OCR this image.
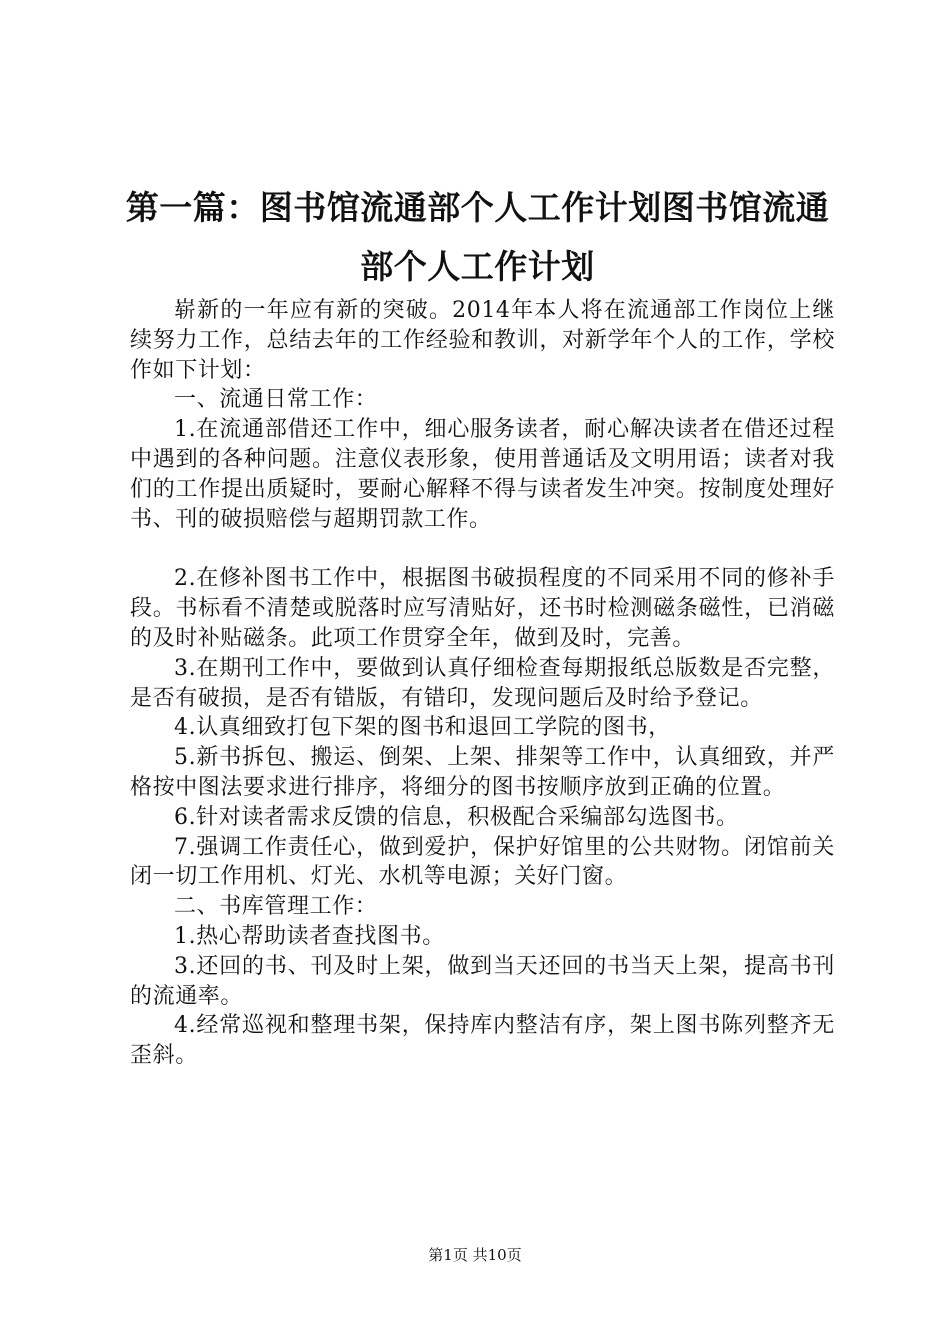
第一篇：图书馆流通部个人工作计划图书馆流通部个人工作计划

崭新的一年应有新的突破。2014年本人将在流通部工作岗位上继续努力工作，总结去年的工作经验和教训，对新学年个人的工作，学校作如下计划：

一、流通日常工作：

1.在流通部借还工作中，细心服务读者，耐心解决读者在借还过程中遇到的各种问题。注意仪表形象，使用普通话及文明用语；读者对我们的工作提出质疑时，要耐心解释不得与读者发生冲突。按制度处理好书、刊的破损赔偿与超期罚款工作。

2.在修补图书工作中，根据图书破损程度的不同采用不同的修补手段。书标看不清楚或脱落时应写清贴好，还书时检测磁条磁性，已消磁的及时补贴磁条。此项工作贯穿全年，做到及时，完善。

3.在期刊工作中，要做到认真仔细检查每期报纸总版数是否完整，是否有破损，是否有错版，有错印，发现问题后及时给予登记。

4.认真细致打包下架的图书和退回工学院的图书，

5.新书拆包、搬运、倒架、上架、排架等工作中，认真细致，并严格按中图法要求进行排序，将细分的图书按顺序放到正确的位置。

6.针对读者需求反馈的信息，积极配合采编部勾选图书。

7.强调工作责任心，做到爱护，保护好馆里的公共财物。闭馆前关闭一切工作用机、灯光、水机等电源；关好门窗。

二、书库管理工作：

1.热心帮助读者查找图书。

3.还回的书、刊及时上架，做到当天还回的书当天上架，提高书刊的流通率。

4.经常巡视和整理书架，保持库内整洁有序，架上图书陈列整齐无歪斜。

第1页 共10页
